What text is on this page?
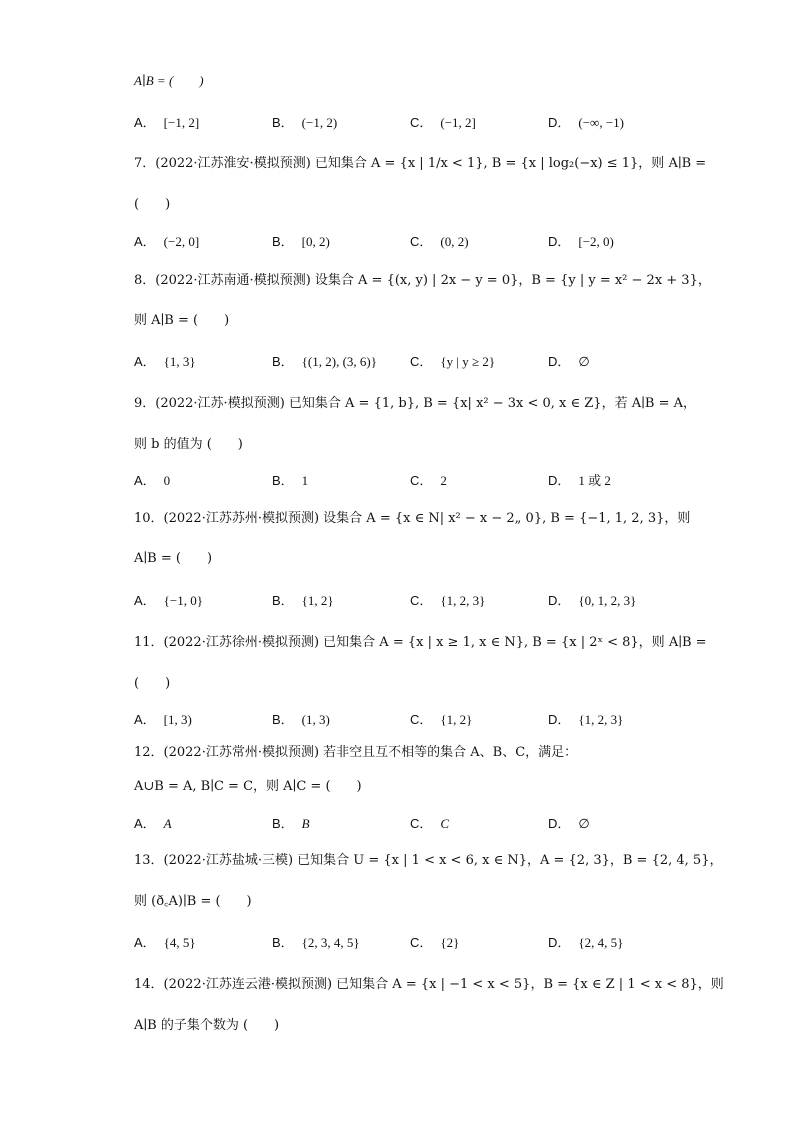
A∣B = (　　)
A． [−1, 2]	B． (−1, 2)	C． (−1, 2]	D． (−∞, −1)
7．(2022·江苏淮安·模拟预测) 已知集合 A = {x | 1/x < 1}, B = {x | log₂(−x) ≤ 1}，则 A∣B =
(　　)
A． (−2, 0]	B． [0, 2)	C． (0, 2)	D． [−2, 0)
8．(2022·江苏南通·模拟预测) 设集合 A = {(x, y) | 2x − y = 0}，B = {y | y = x² − 2x + 3}，
则 A∣B = (　　)
A． {1, 3}	B． {(1, 2), (3, 6)}	C． {y | y ≥ 2}	D． ∅
9．(2022·江苏·模拟预测) 已知集合 A = {1, b}, B = {x| x² − 3x < 0, x ∈ Z}，若 A∣B = A，
则 b 的值为 (　　)
A． 0	B． 1	C． 2	D． 1 或 2
10．(2022·江苏苏州·模拟预测) 设集合 A = {x ∈ N| x² − x − 2„ 0}, B = {−1, 1, 2, 3}，则
A∣B = (　　)
A． {−1, 0}	B． {1, 2}	C． {1, 2, 3}	D． {0, 1, 2, 3}
11．(2022·江苏徐州·模拟预测) 已知集合 A = {x | x ≥ 1, x ∈ N}, B = {x | 2ˣ < 8}，则 A∣B =
(　　)
A． [1, 3)	B． (1, 3)	C． {1, 2}	D． {1, 2, 3}
12．(2022·江苏常州·模拟预测) 若非空且互不相等的集合 A、B、C，满足：
A∪B = A, B∣C = C，则 A∣C = (　　)
A． A	B． B	C． C	D． ∅
13．(2022·江苏盐城·三模) 已知集合 U = {x | 1 < x < 6, x ∈ N}，A = {2, 3}，B = {2, 4, 5}，
则 (ð꜀A)∣B = (　　)
A． {4, 5}	B． {2, 3, 4, 5}	C． {2}	D． {2, 4, 5}
14．(2022·江苏连云港·模拟预测) 已知集合 A = {x | −1 < x < 5}，B = {x ∈ Z | 1 < x < 8}，则
A∣B 的子集个数为 (　　)
